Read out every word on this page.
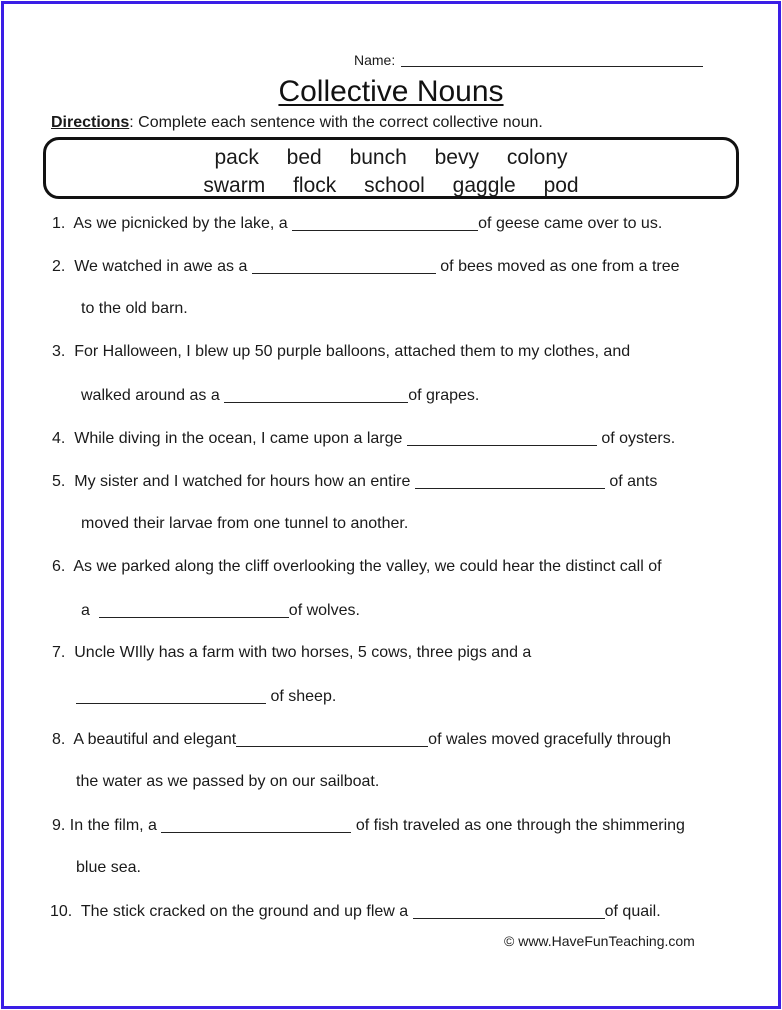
Name:
Collective Nouns
Directions: Complete each sentence with the correct collective noun.
pack bed bunch bevy colony
swarm flock school gaggle pod
1. As we picnicked by the lake, a	of geese came over to us.
2. We watched in awe as a	of bees moved as one from a tree
to the old barn.
3. For Halloween, I blew up 50 purple balloons, attached them to my clothes, and
walked around as a	of grapes.
4. While diving in the ocean, I came upon a large	of oysters.
5. My sister and I watched for hours how an entire	of ants
moved their larvae from one tunnel to another.
6. As we parked along the cliff overlooking the valley, we could hear the distinct call of
a	of wolves.
7. Uncle WIlly has a farm with two horses, 5 cows, three pigs and a
of sheep.
8. A beautiful and elegant	of wales moved gracefully through
the water as we passed by on our sailboat.
9. In the film, a	of fish traveled as one through the shimmering
blue sea.
10. The stick cracked on the ground and up flew a	of quail.
© www.HaveFunTeaching.com
